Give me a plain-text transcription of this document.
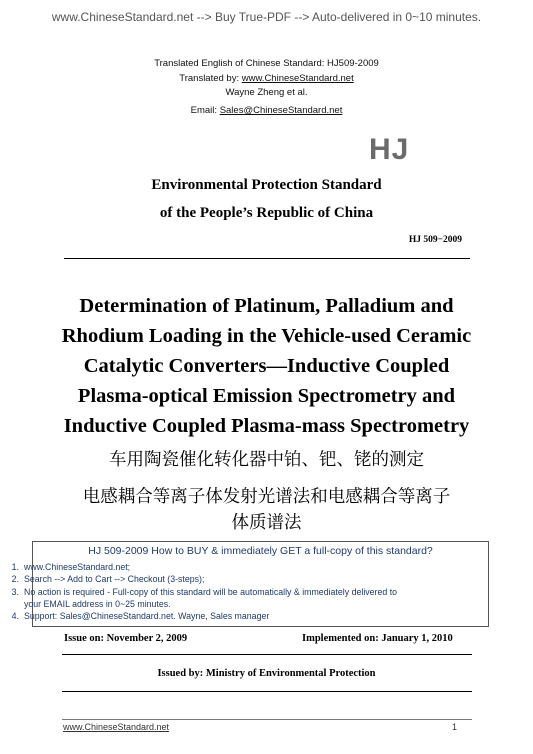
www.ChineseStandard.net --> Buy True-PDF --> Auto-delivered in 0~10 minutes.
Translated English of Chinese Standard: HJ509-2009
Translated by: www.ChineseStandard.net
Wayne Zheng et al.
Email: Sales@ChineseStandard.net
HJ
Environmental Protection Standard
of the People’s Republic of China
HJ 509−2009
Determination of Platinum, Palladium and
Rhodium Loading in the Vehicle-used Ceramic
Catalytic Converters—Inductive Coupled
Plasma-optical Emission Spectrometry and
Inductive Coupled Plasma-mass Spectrometry
车用陶瓷催化转化器中铂、钯、铑的测定
电感耦合等离子体发射光谱法和电感耦合等离子
体质谱法
HJ 509-2009 How to BUY & immediately GET a full-copy of this standard?
1. www.ChineseStandard.net;
2. Search --> Add to Cart --> Checkout (3-steps);
3. No action is required - Full-copy of this standard will be automatically & immediately delivered to
your EMAIL address in 0~25 minutes.
4. Support: Sales@ChineseStandard.net. Wayne, Sales manager
Issue on: November 2, 2009	Implemented on: January 1, 2010
Issued by: Ministry of Environmental Protection
www.ChineseStandard.net	1
